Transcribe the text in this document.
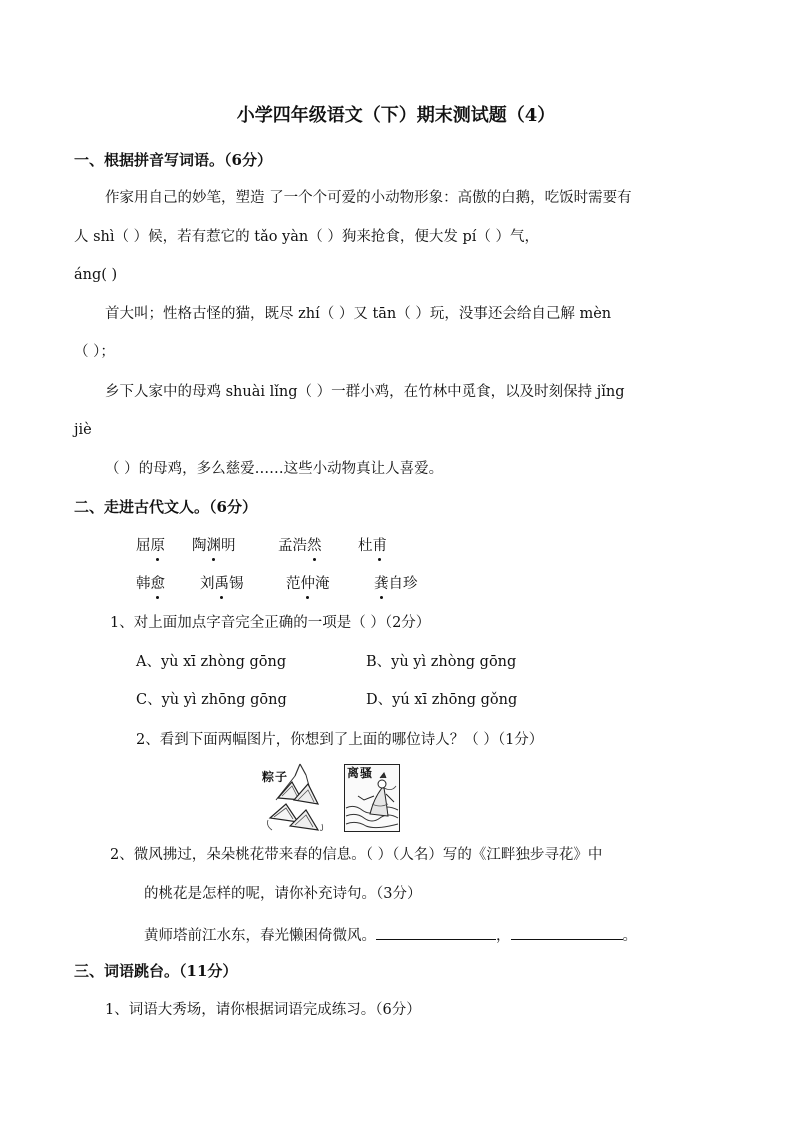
小学四年级语文（下）期末测试题（4）
一、根据拼音写词语。（6分）
作家用自己的妙笔，塑造 了一个个可爱的小动物形象：高傲的白鹅，吃饭时需要有
人 shì（ ）候，若有惹它的 tǎo yàn（ ）狗来抢食，便大发 pí（ ）气，
áng( )
首大叫；性格古怪的猫，既尽 zhí（ ）又 tān（ ）玩，没事还会给自己解 mèn
（ ）；
乡下人家中的母鸡 shuài lǐng（ ）一群小鸡，在竹林中觅食，以及时刻保持 jǐng
jiè
（ ）的母鸡，多么慈爱……这些小动物真让人喜爱。
二、走进古代文人。（6分）
屈原 陶渊明	孟浩然	杜甫
韩愈 刘禹锡	范仲淹	龚自珍
1、对上面加点字音完全正确的一项是（ ）（2分）
A、yù xī zhòng gōng	B、yù yì zhòng gōng
C、yù yì zhōng gōng	D、yú xī zhōng gǒng
2、看到下面两幅图片，你想到了上面的哪位诗人？（ ）（1分）
粽子	离骚
2、微风拂过，朵朵桃花带来春的信息。（ ）（人名）写的《江畔独步寻花》中
的桃花是怎样的呢，请你补充诗句。（3分）
黄师塔前江水东，春光懒困倚微风。	，	。
三、词语跳台。（11分）
1、词语大秀场，请你根据词语完成练习。（6分）
